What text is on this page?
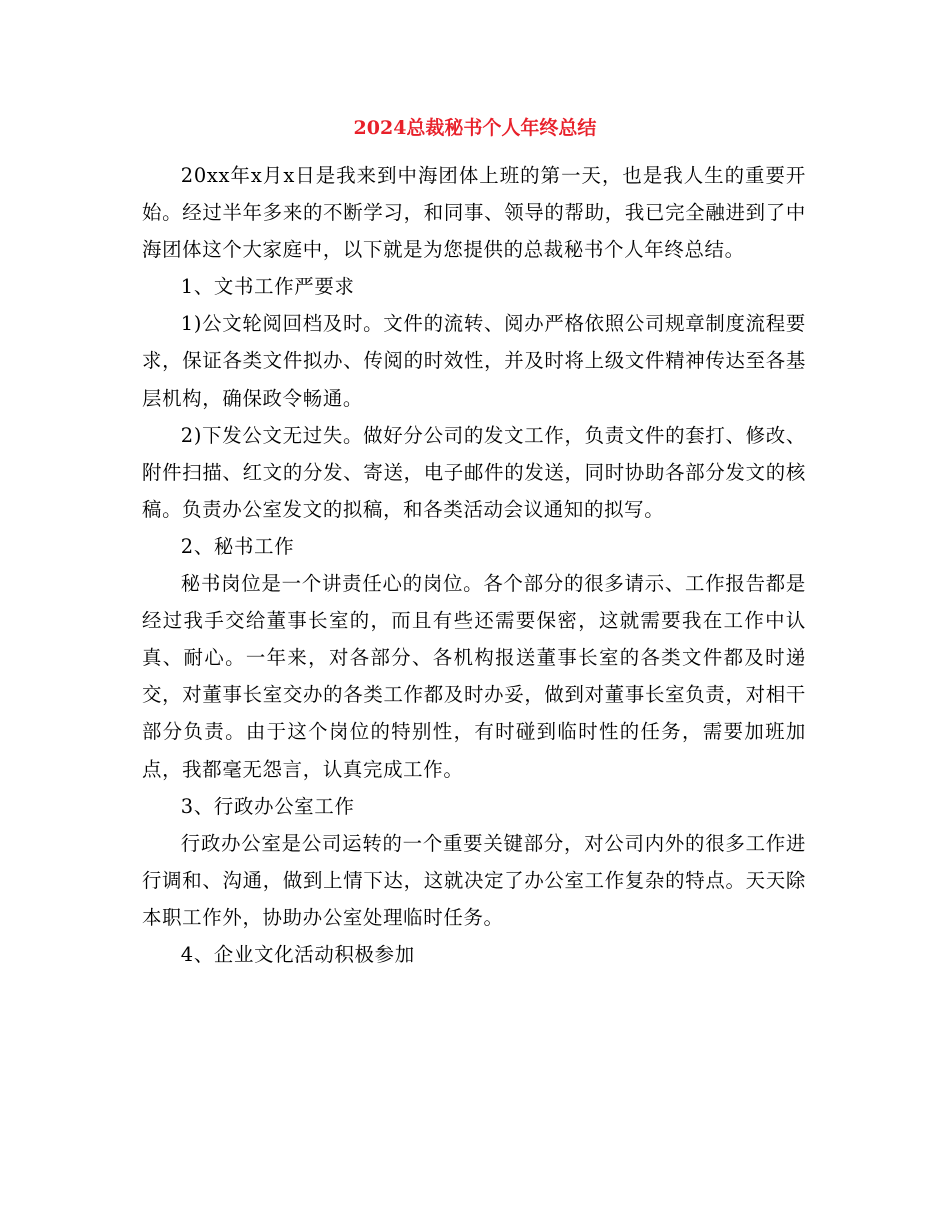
2024总裁秘书个人年终总结

20xx年x月x日是我来到中海团体上班的第一天，也是我人生的重要开始。经过半年多来的不断学习，和同事、领导的帮助，我已完全融进到了中海团体这个大家庭中，以下就是为您提供的总裁秘书个人年终总结。

1、文书工作严要求

1)公文轮阅回档及时。文件的流转、阅办严格依照公司规章制度流程要求，保证各类文件拟办、传阅的时效性，并及时将上级文件精神传达至各基层机构，确保政令畅通。

2)下发公文无过失。做好分公司的发文工作，负责文件的套打、修改、附件扫描、红文的分发、寄送，电子邮件的发送，同时协助各部分发文的核稿。负责办公室发文的拟稿，和各类活动会议通知的拟写。

2、秘书工作

秘书岗位是一个讲责任心的岗位。各个部分的很多请示、工作报告都是经过我手交给董事长室的，而且有些还需要保密，这就需要我在工作中认真、耐心。一年来，对各部分、各机构报送董事长室的各类文件都及时递交，对董事长室交办的各类工作都及时办妥，做到对董事长室负责，对相干部分负责。由于这个岗位的特别性，有时碰到临时性的任务，需要加班加点，我都毫无怨言，认真完成工作。

3、行政办公室工作

行政办公室是公司运转的一个重要关键部分，对公司内外的很多工作进行调和、沟通，做到上情下达，这就决定了办公室工作复杂的特点。天天除本职工作外，协助办公室处理临时任务。

4、企业文化活动积极参加
